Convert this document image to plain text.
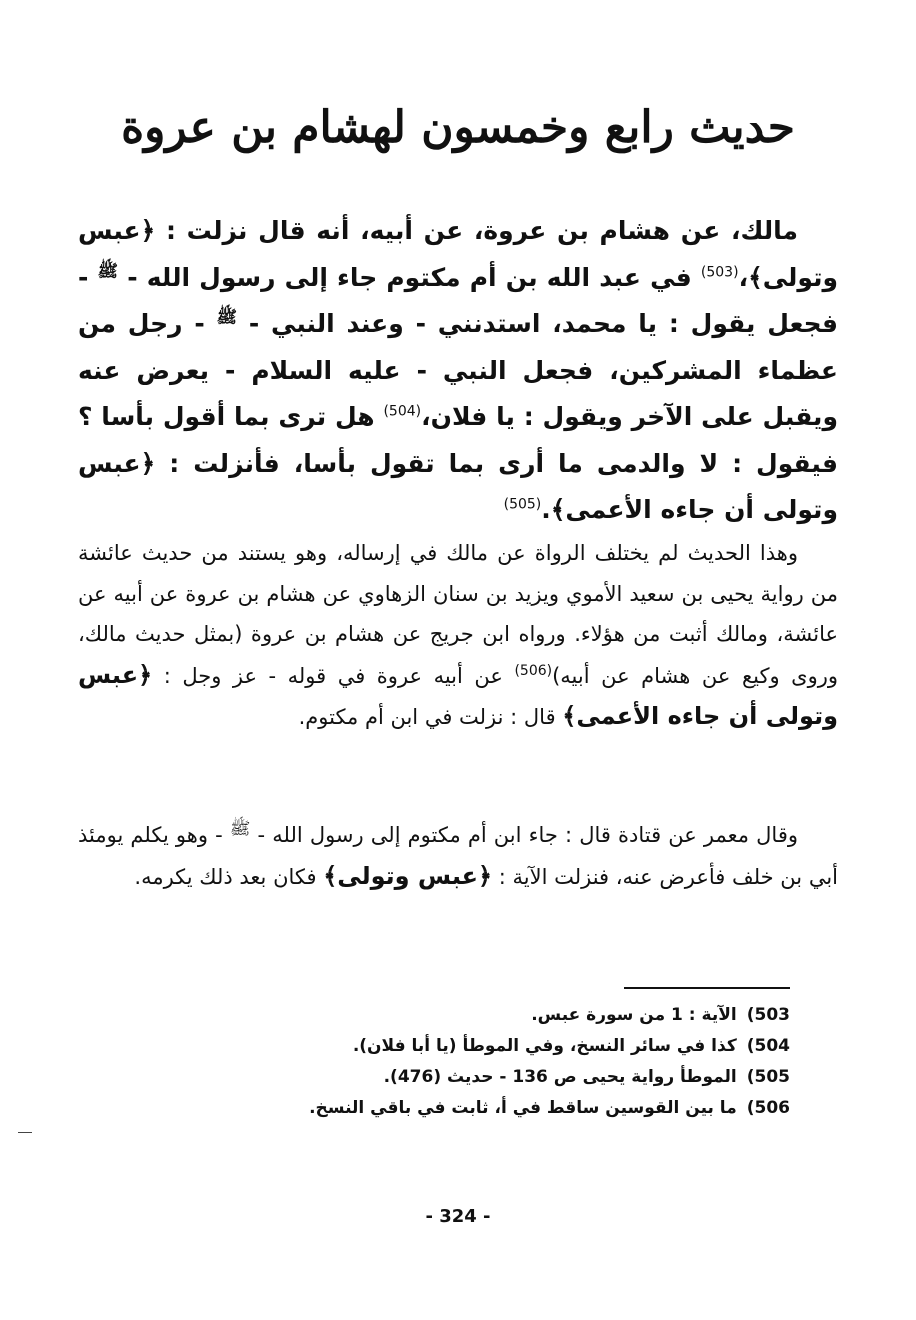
حديث رابع وخمسون لهشام بن عروة

مالك، عن هشام بن عروة، عن أبيه، أنه قال نزلت : ﴿عبس وتولى﴾،$^{(503)}$ في عبد الله بن أم مكتوم جاء إلى رسول الله - $^ﷺ$ - فجعل يقول : يا محمد، استدنني - وعند النبي - $^ﷺ$ - رجل من عظماء المشركين، فجعل النبي - عليه السلام - يعرض عنه ويقبل على الآخر ويقول : يا فلان،$^{(504)}$ هل ترى بما أقول بأسا ؟ فيقول : لا والدمى ما أرى بما تقول بأسا، فأنزلت : ﴿عبس وتولى أن جاءه الأعمى﴾.$^{(505)}$

وهذا الحديث لم يختلف الرواة عن مالك في إرساله، وهو يستند من حديث عائشة من رواية يحيى بن سعيد الأموي ويزيد بن سنان الزهاوي عن هشام بن عروة عن أبيه عن عائشة، ومالك أثبت من هؤلاء. ورواه ابن جريج عن هشام بن عروة (بمثل حديث مالك، وروى وكيع عن هشام عن أبيه)$^{(506)}$ عن أبيه عروة في قوله - عز وجل : ﴿عبس وتولى أن جاءه الأعمى﴾ قال : نزلت في ابن أم مكتوم.

وقال معمر عن قتادة قال : جاء ابن أم مكتوم إلى رسول الله - $^ﷺ$ - وهو يكلم يومئذ أبي بن خلف فأعرض عنه، فنزلت الآية : ﴿عبس وتولى﴾ فكان بعد ذلك يكرمه.

503)الآية : 1 من سورة عبس.
504)كذا في سائر النسخ، وفي الموطأ (يا أبا فلان).
505)الموطأ رواية يحيى ص 136 - حديث (476).
506)ما بين القوسين ساقط في أ، ثابت في باقي النسخ.
- 324 -
